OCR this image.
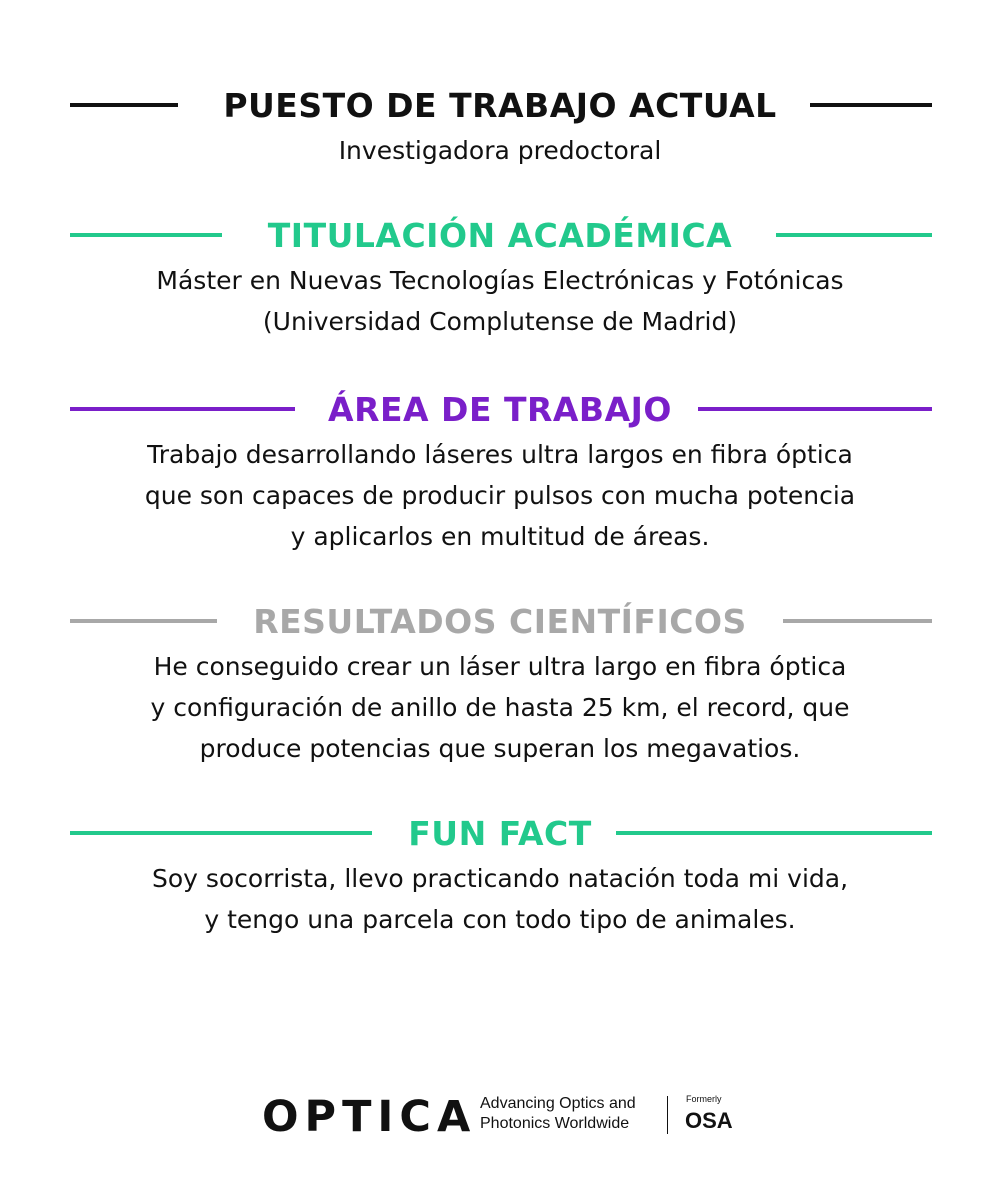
PUESTO DE TRABAJO ACTUAL

Investigadora predoctoral

TITULACIÓN ACADÉMICA

Máster en Nuevas Tecnologías Electrónicas y Fotónicas
(Universidad Complutense de Madrid)

ÁREA DE TRABAJO

Trabajo desarrollando láseres ultra largos en fibra óptica
que son capaces de producir pulsos con mucha potencia
y aplicarlos en multitud de áreas.

RESULTADOS CIENTÍFICOS

He conseguido crear un láser ultra largo en fibra óptica
y configuración de anillo de hasta 25 km, el record, que
produce potencias que superan los megavatios.

FUN FACT

Soy socorrista, llevo practicando natación toda mi vida,
y tengo una parcela con todo tipo de animales.

OPTICA Advancing Optics and
Photonics Worldwide
Formerly
OSA
